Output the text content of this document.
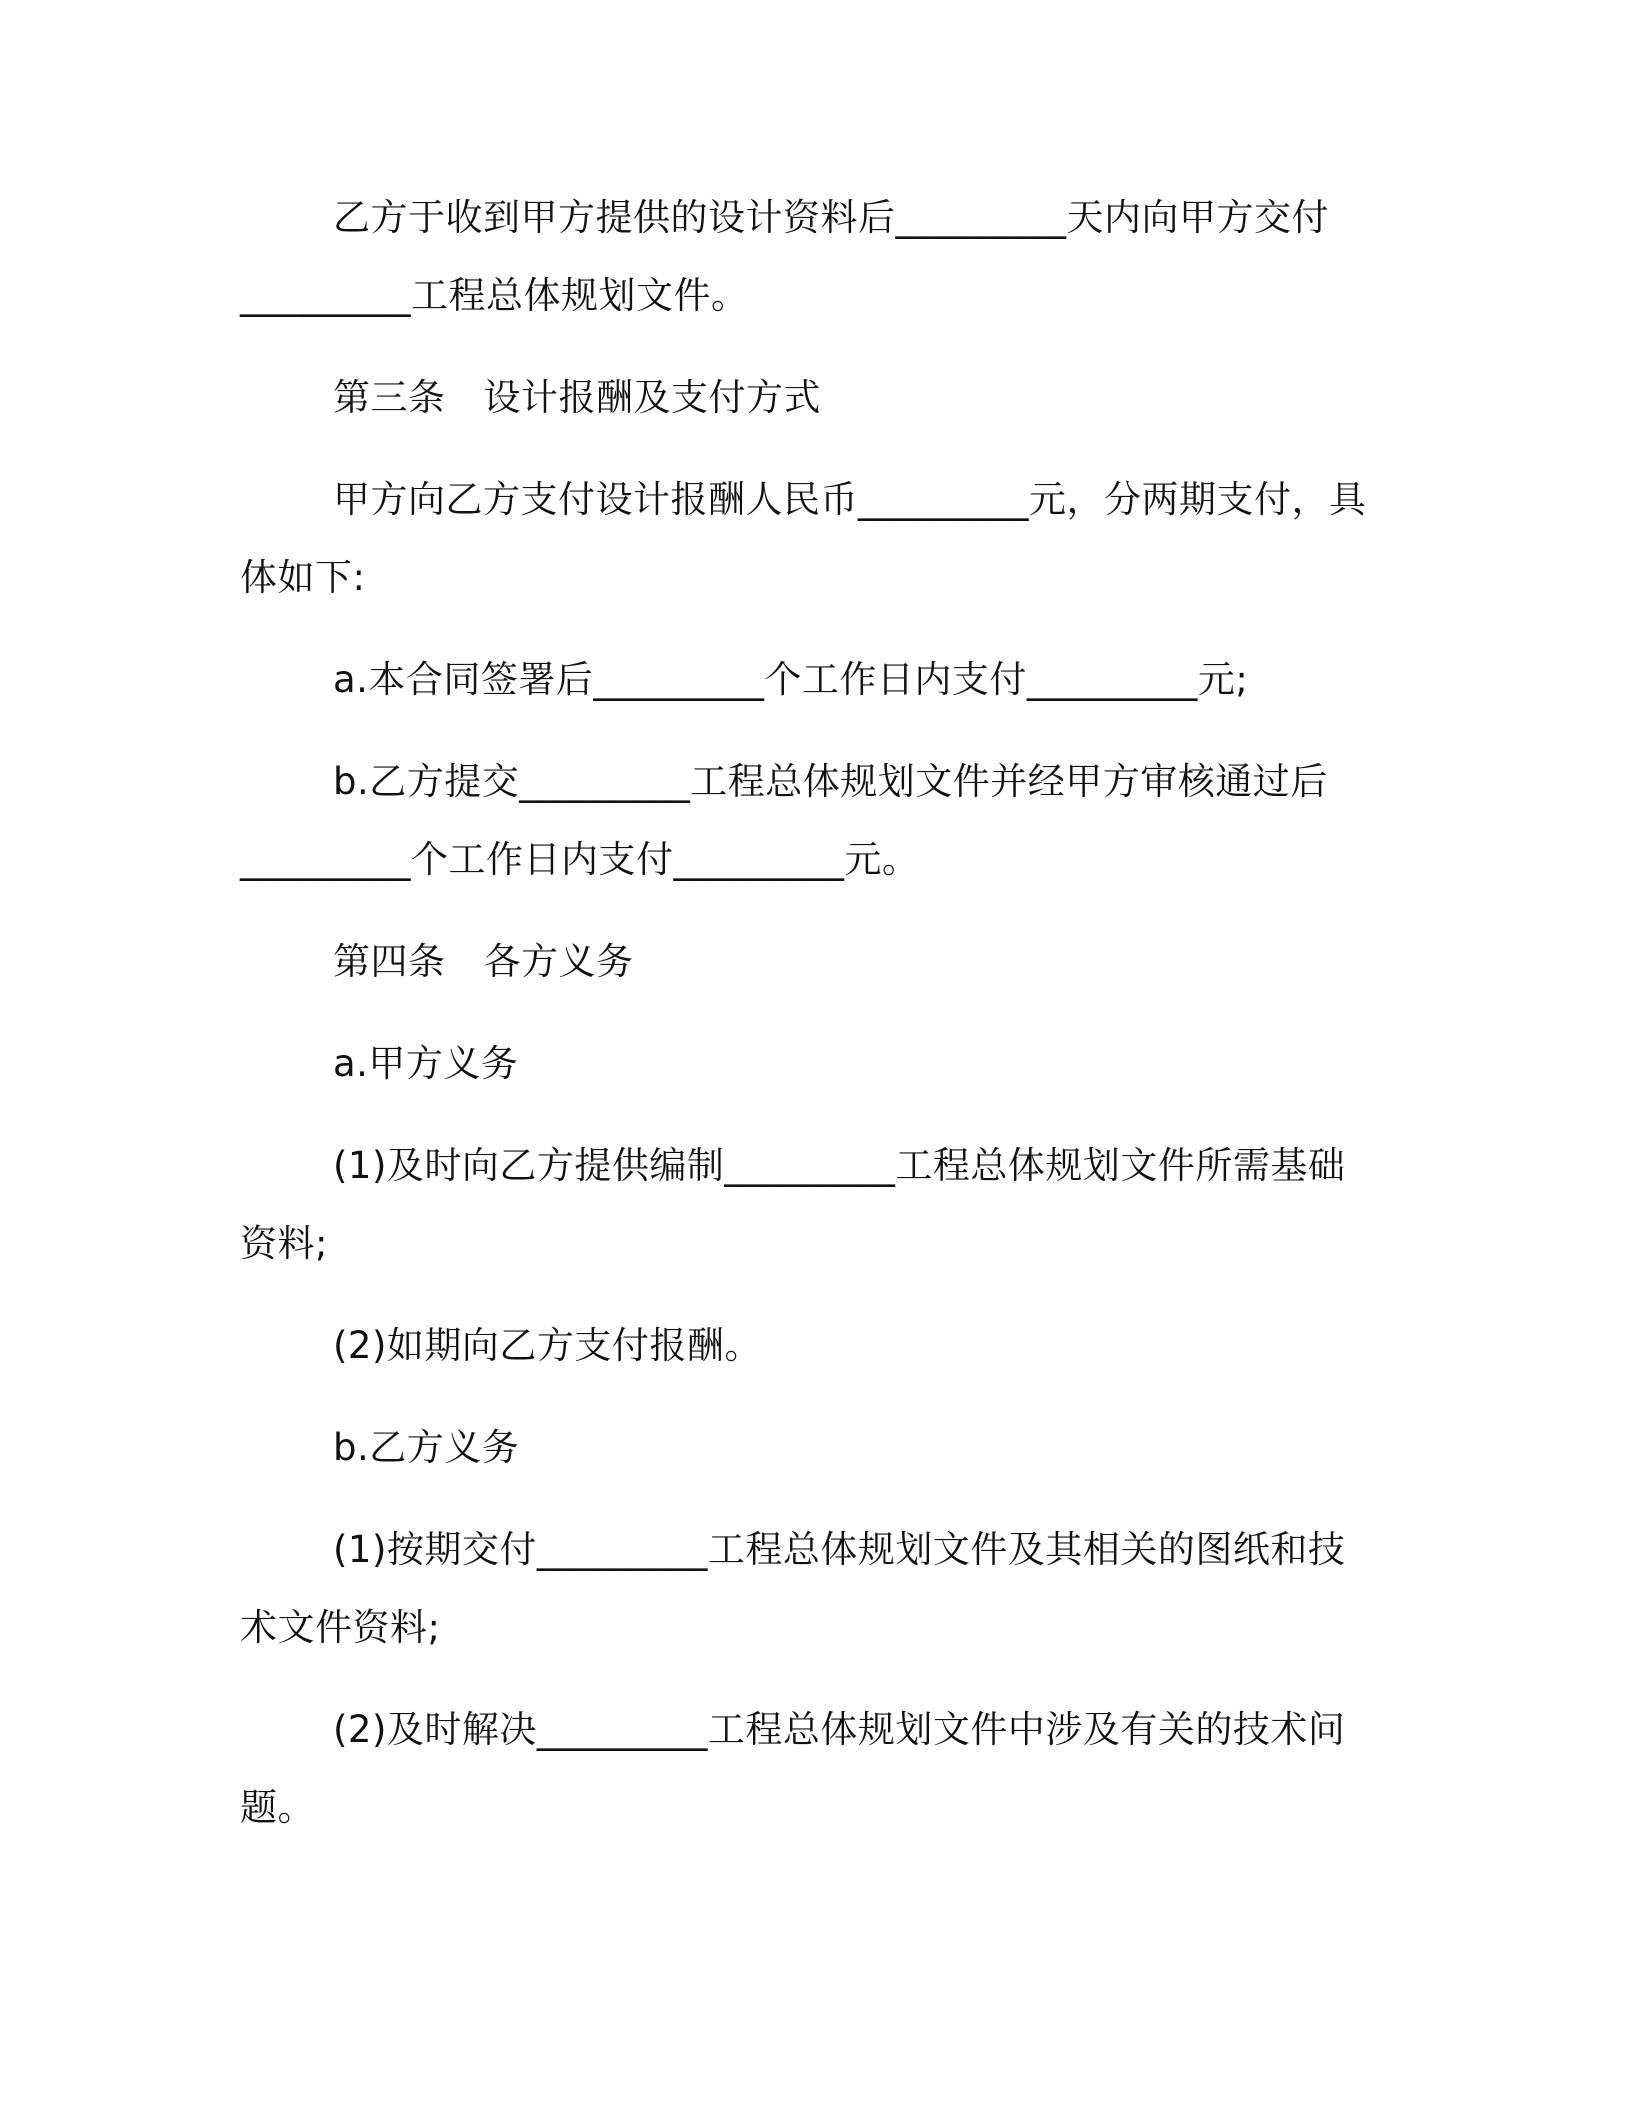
乙方于收到甲方提供的设计资料后_________天内向甲方交付

_________工程总体规划文件。

第三条 设计报酬及支付方式

甲方向乙方支付设计报酬人民币_________元，分两期支付，具

体如下:

a.本合同签署后_________个工作日内支付_________元;

b.乙方提交_________工程总体规划文件并经甲方审核通过后

_________个工作日内支付_________元。

第四条 各方义务

a.甲方义务

(1)及时向乙方提供编制_________工程总体规划文件所需基础

资料;

(2)如期向乙方支付报酬。

b.乙方义务

(1)按期交付_________工程总体规划文件及其相关的图纸和技

术文件资料;

(2)及时解决_________工程总体规划文件中涉及有关的技术问

题。
